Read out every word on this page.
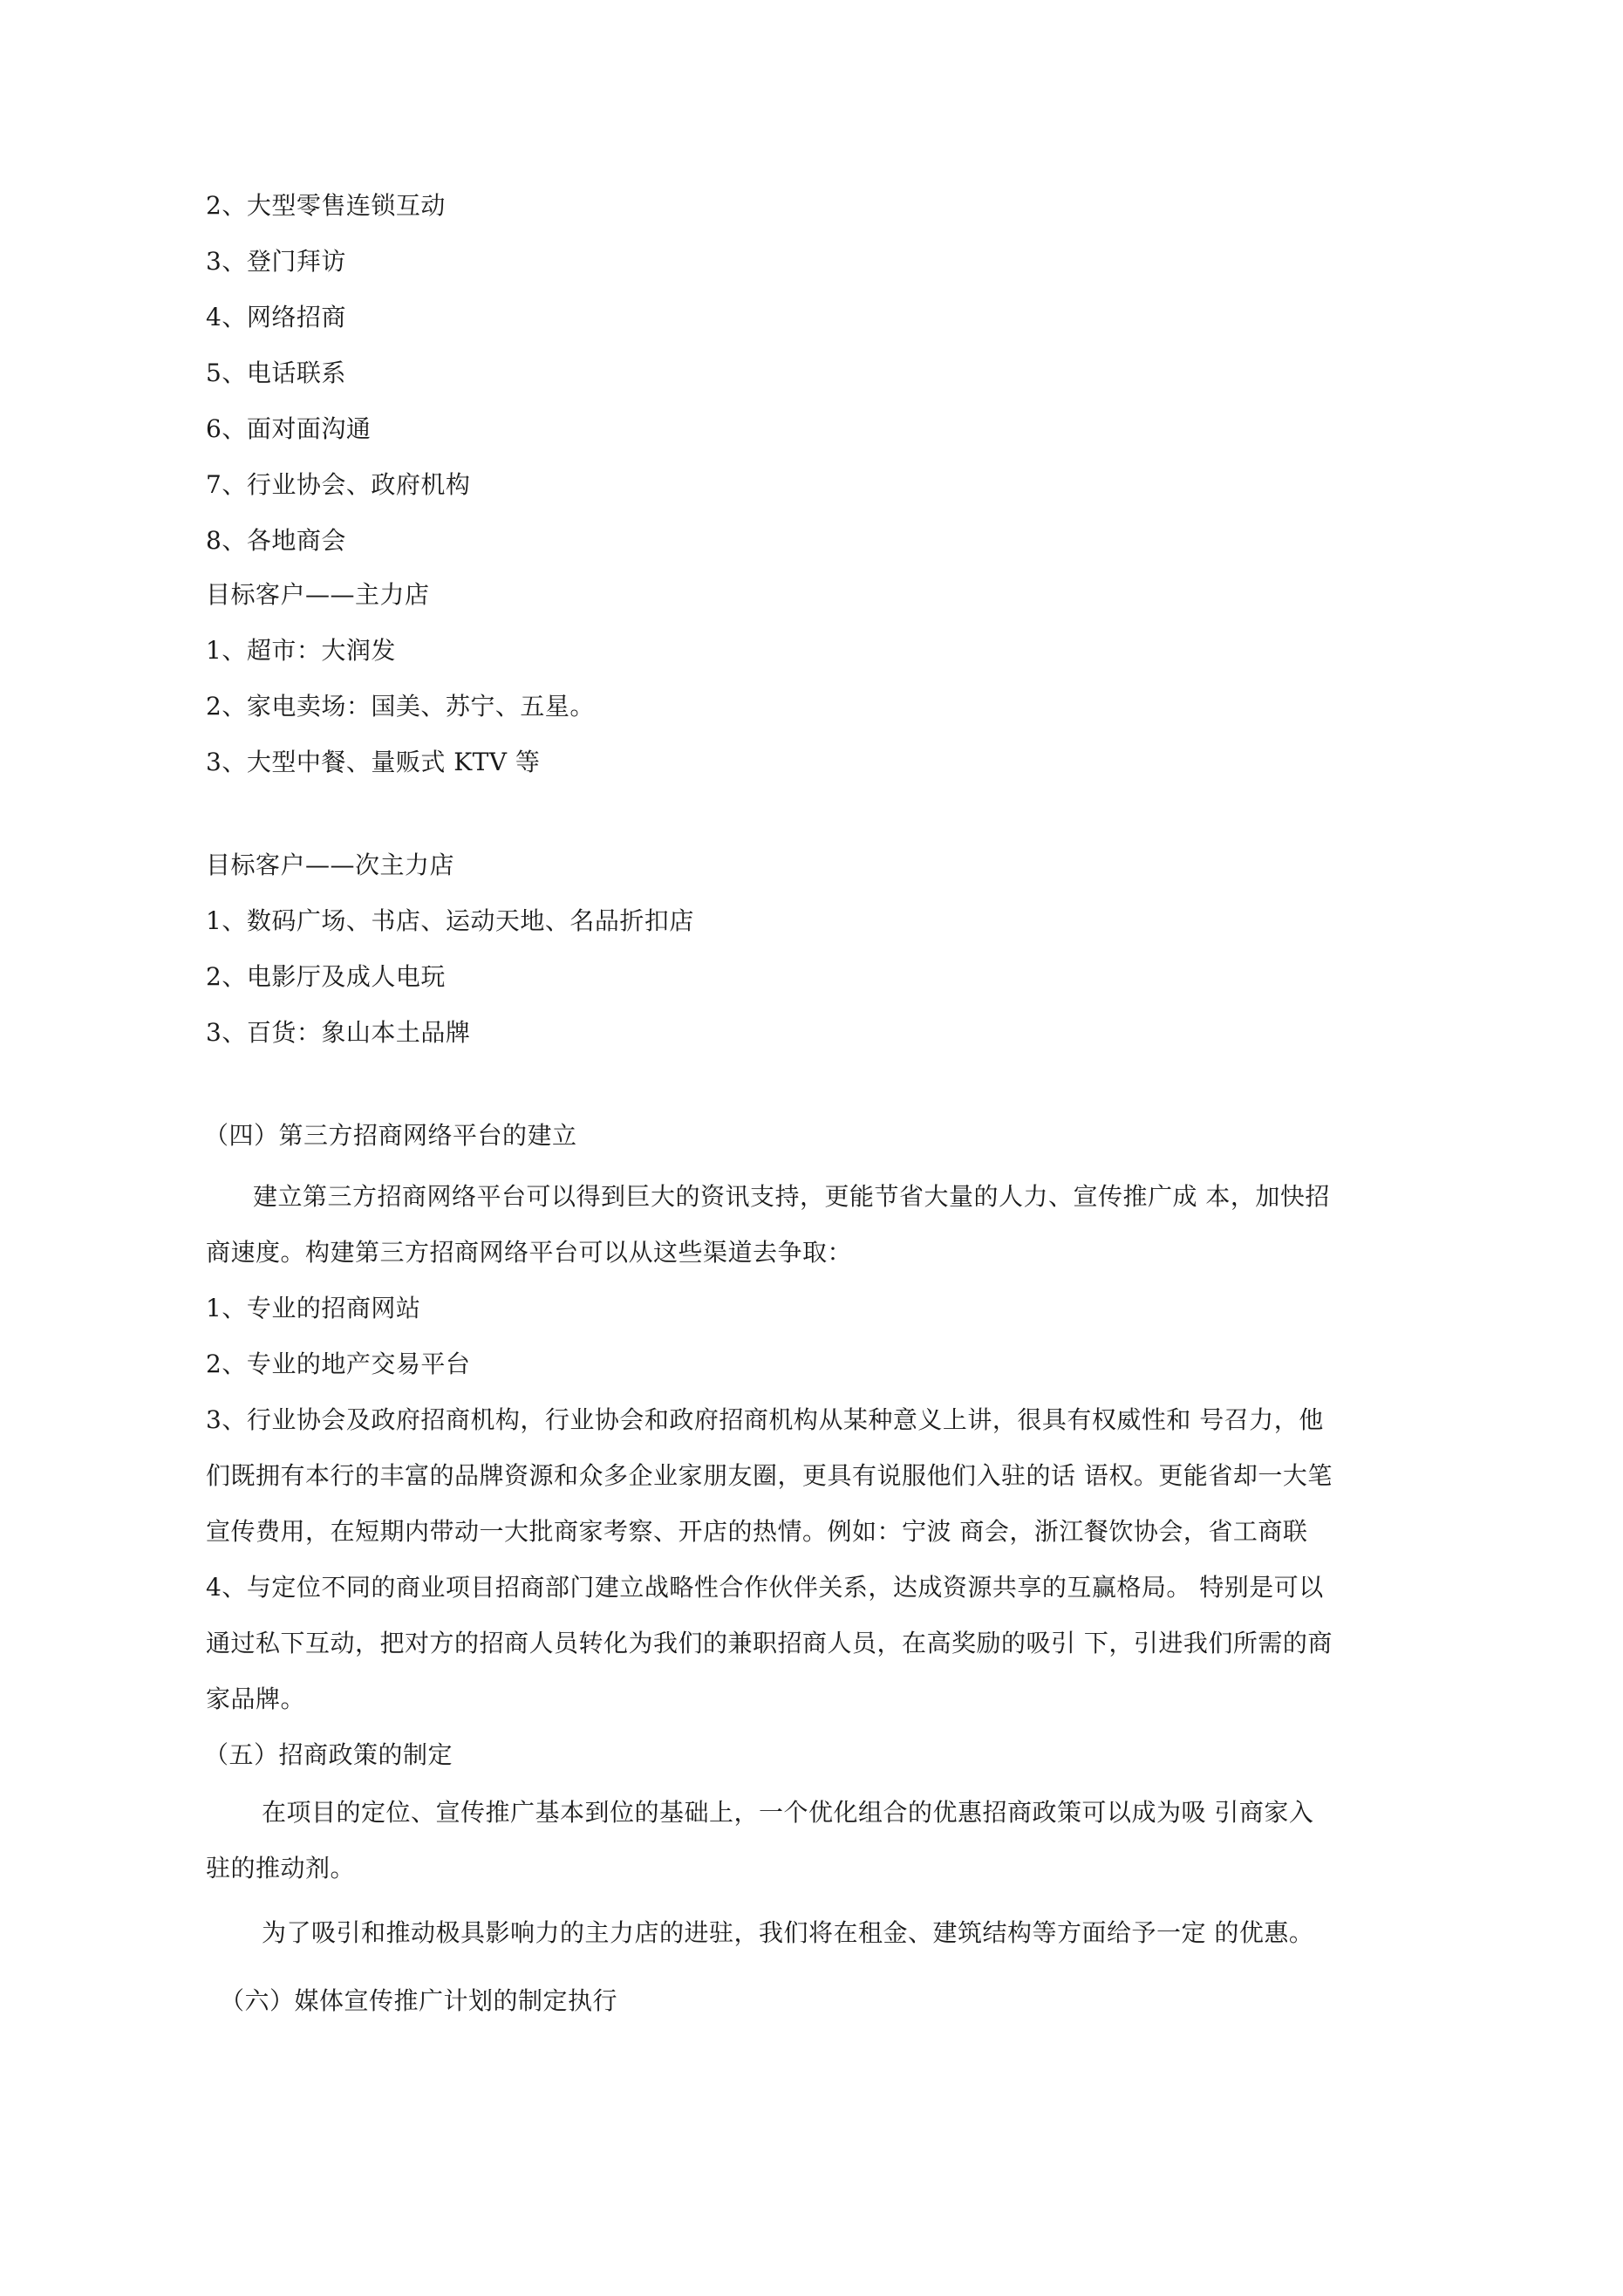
2、大型零售连锁互动
3、登门拜访
4、网络招商
5、电话联系
6、面对面沟通
7、行业协会、政府机构
8、各地商会
目标客户——主力店
1、超市：大润发
2、家电卖场：国美、苏宁、五星。
3、大型中餐、量贩式 KTV 等
目标客户——次主力店
1、数码广场、书店、运动天地、名品折扣店
2、电影厅及成人电玩
3、百货：象山本土品牌
（四）第三方招商网络平台的建立
建立第三方招商网络平台可以得到巨大的资讯支持，更能节省大量的人力、宣传推广成 本，加快招
商速度。构建第三方招商网络平台可以从这些渠道去争取：
1、专业的招商网站
2、专业的地产交易平台
3、行业协会及政府招商机构，行业协会和政府招商机构从某种意义上讲，很具有权威性和 号召力，他
们既拥有本行的丰富的品牌资源和众多企业家朋友圈，更具有说服他们入驻的话 语权。更能省却一大笔
宣传费用，在短期内带动一大批商家考察、开店的热情。例如：宁波 商会，浙江餐饮协会，省工商联
4、与定位不同的商业项目招商部门建立战略性合作伙伴关系，达成资源共享的互赢格局。 特别是可以
通过私下互动，把对方的招商人员转化为我们的兼职招商人员，在高奖励的吸引 下，引进我们所需的商
家品牌。
（五）招商政策的制定
在项目的定位、宣传推广基本到位的基础上，一个优化组合的优惠招商政策可以成为吸 引商家入
驻的推动剂。
为了吸引和推动极具影响力的主力店的进驻，我们将在租金、建筑结构等方面给予一定 的优惠。
（六）媒体宣传推广计划的制定执行
